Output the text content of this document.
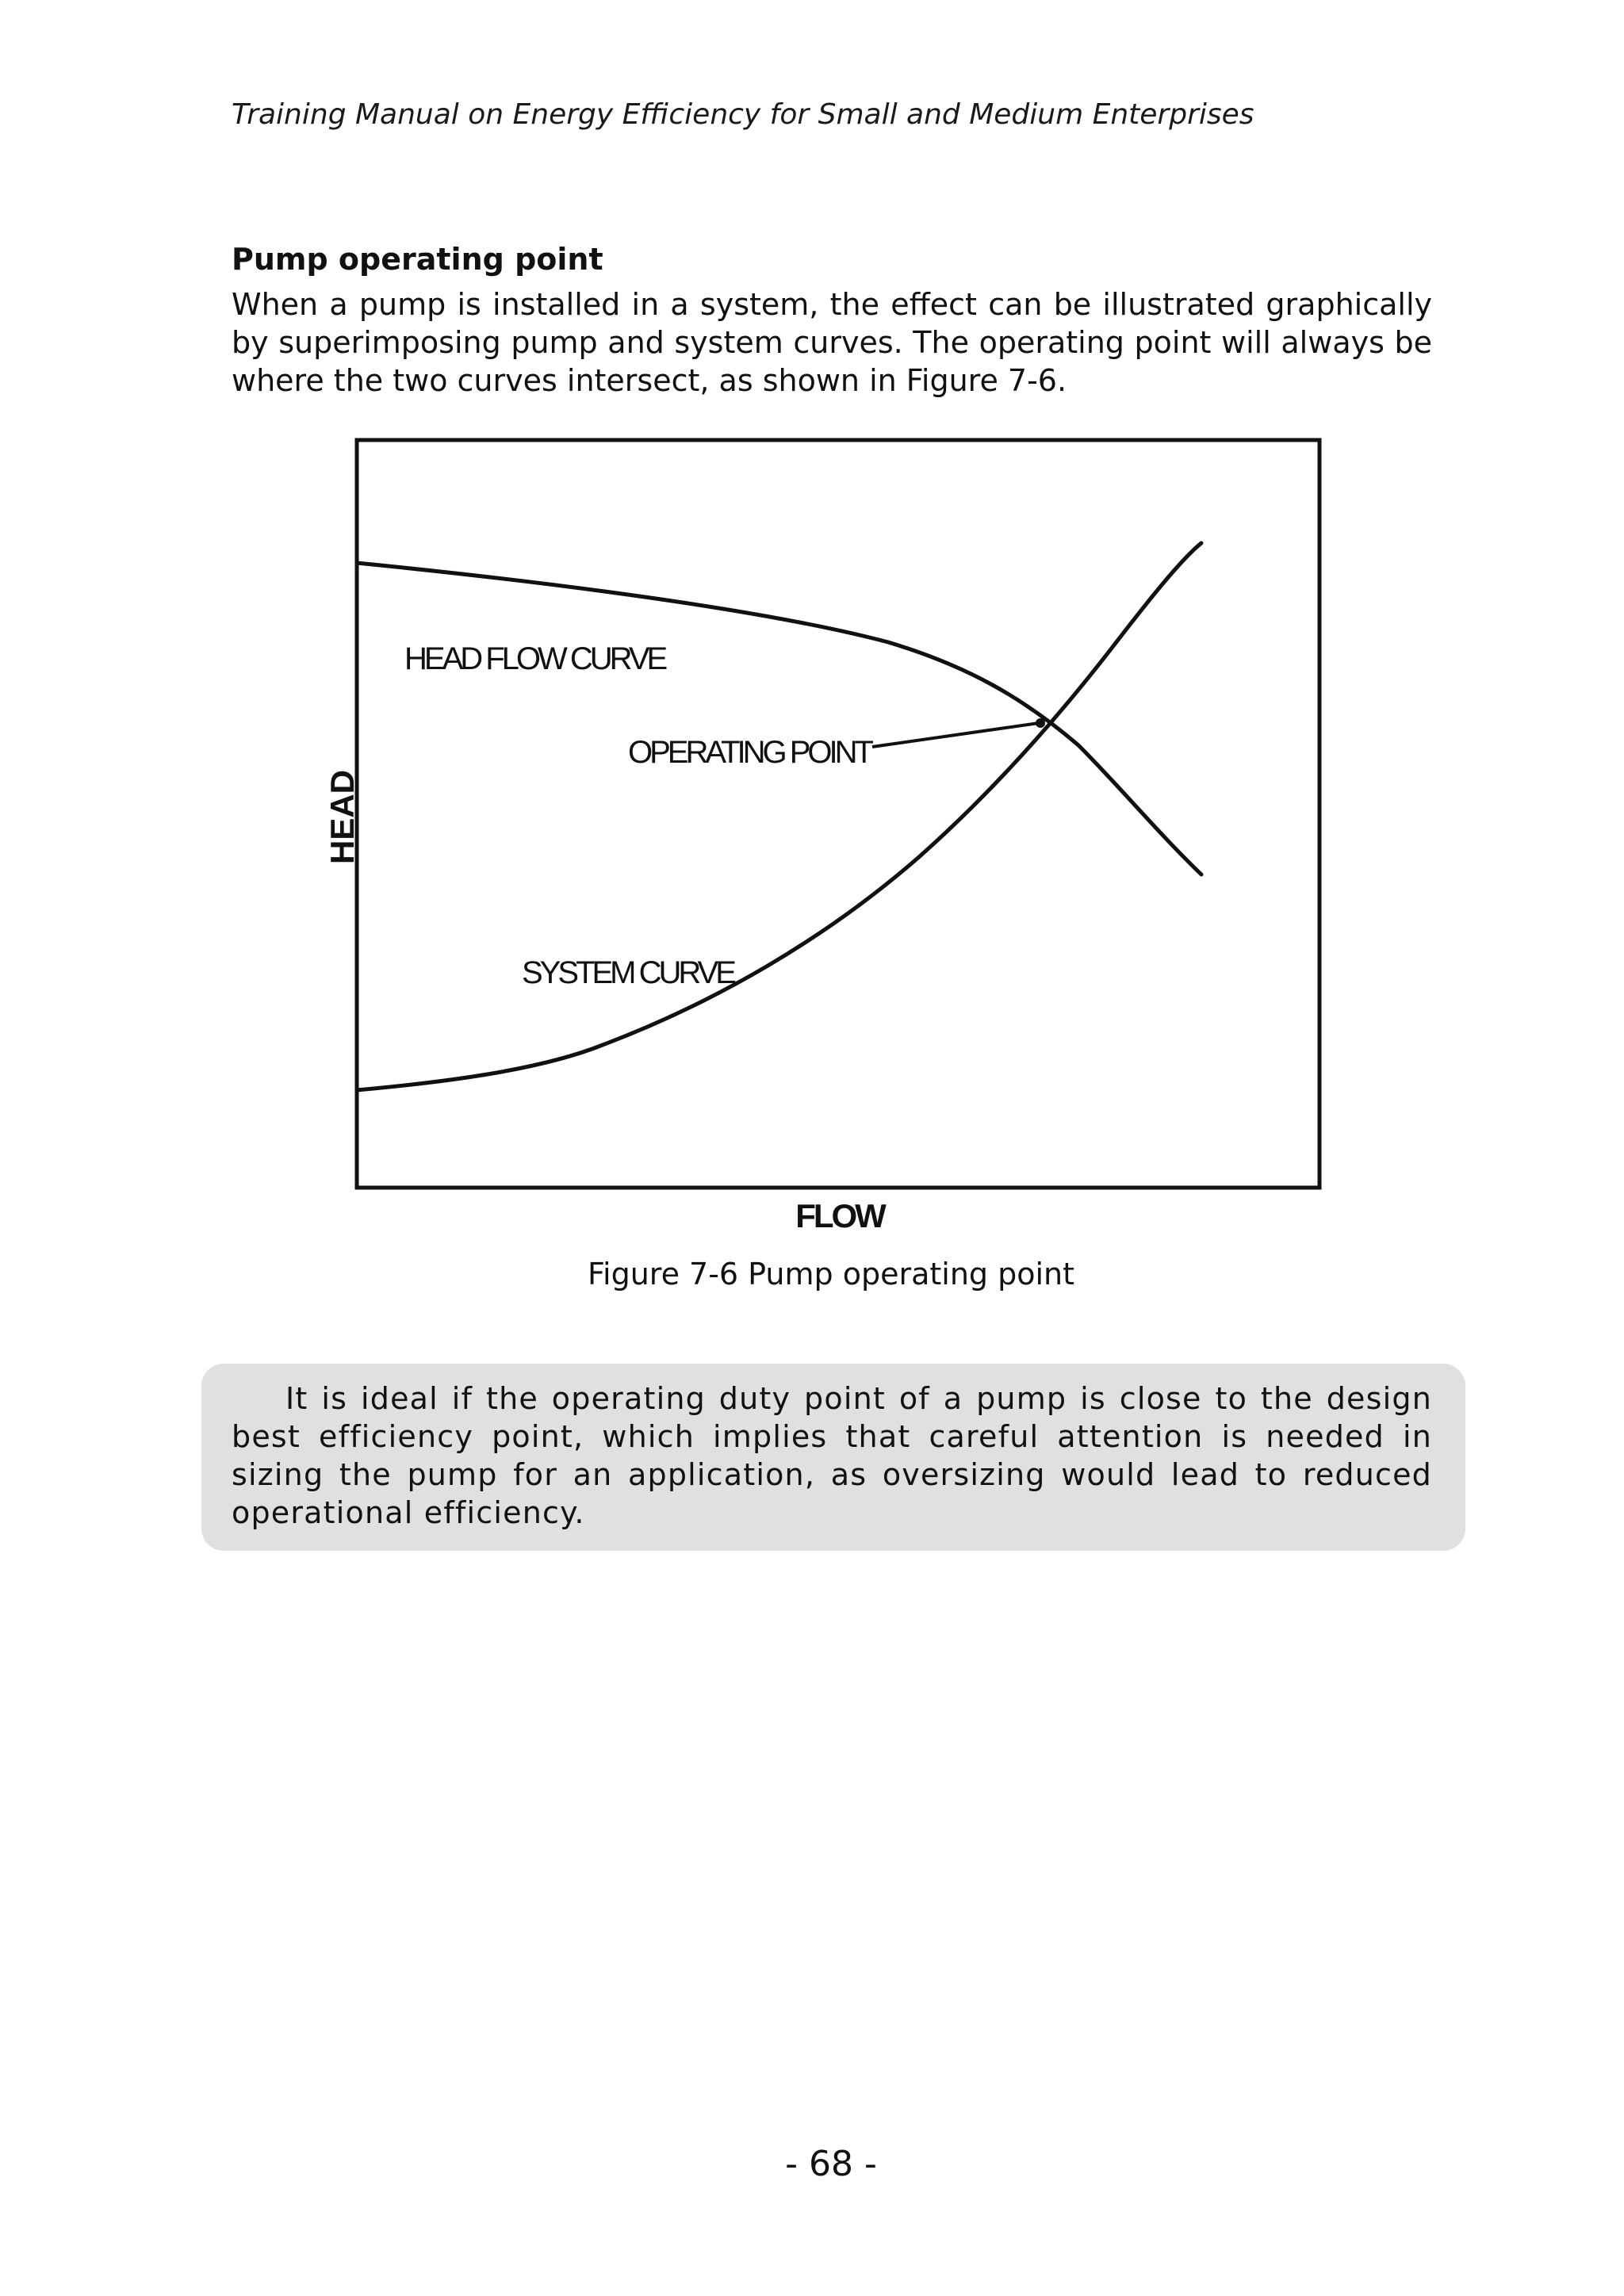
Training Manual on Energy Efficiency for Small and Medium Enterprises
Pump operating point

When a pump is installed in a system, the effect can be illustrated graphically by superimposing pump and system curves. The operating point will always be where the two curves intersect, as shown in Figure 7-6.

HEAD FLOW CURVE
OPERATING POINT
SYSTEM CURVE
HEAD
FLOW
Figure 7-6 Pump operating point

It is ideal if the operating duty point of a pump is close to the design best efficiency point, which implies that careful attention is needed in sizing the pump for an application, as oversizing would lead to reduced operational efficiency.

- 68 -
